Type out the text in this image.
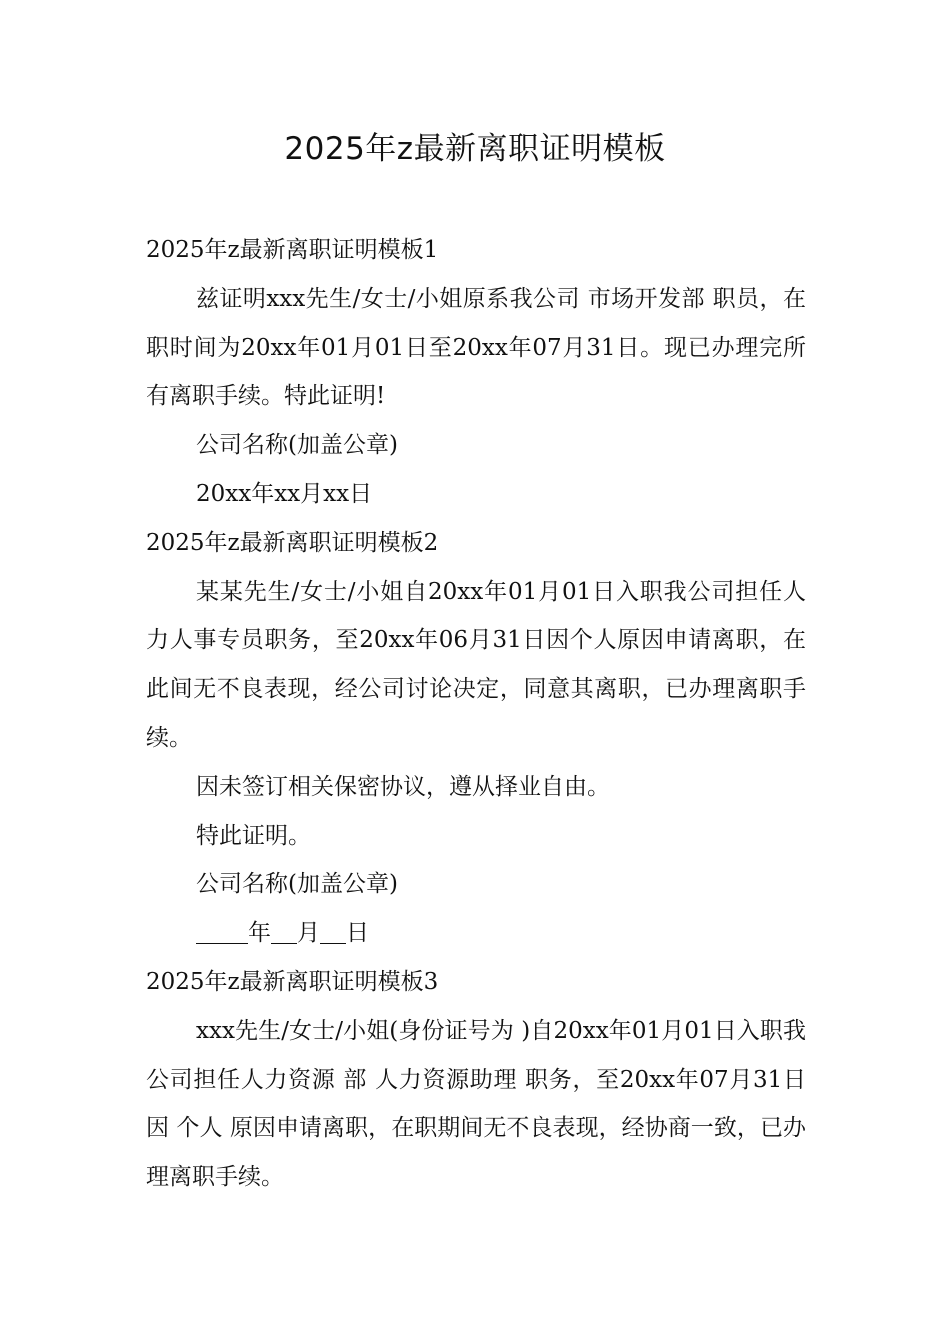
2025年z最新离职证明模板

2025年z最新离职证明模板1

兹证明xxx先生/女士/小姐原系我公司 市场开发部 职员，在职时间为20xx年01月01日至20xx年07月31日。现已办理完所有离职手续。特此证明!

公司名称(加盖公章)

20xx年xx月xx日

2025年z最新离职证明模板2

某某先生/女士/小姐自20xx年01月01日入职我公司担任人力人事专员职务，至20xx年06月31日因个人原因申请离职，在此间无不良表现，经公司讨论决定，同意其离职，已办理离职手续。

因未签订相关保密协议，遵从择业自由。

特此证明。

公司名称(加盖公章)

年 月 日

2025年z最新离职证明模板3

xxx先生/女士/小姐(身份证号为 )自20xx年01月01日入职我公司担任人力资源 部 人力资源助理 职务，至20xx年07月31日因 个人 原因申请离职，在职期间无不良表现，经协商一致，已办理离职手续。
